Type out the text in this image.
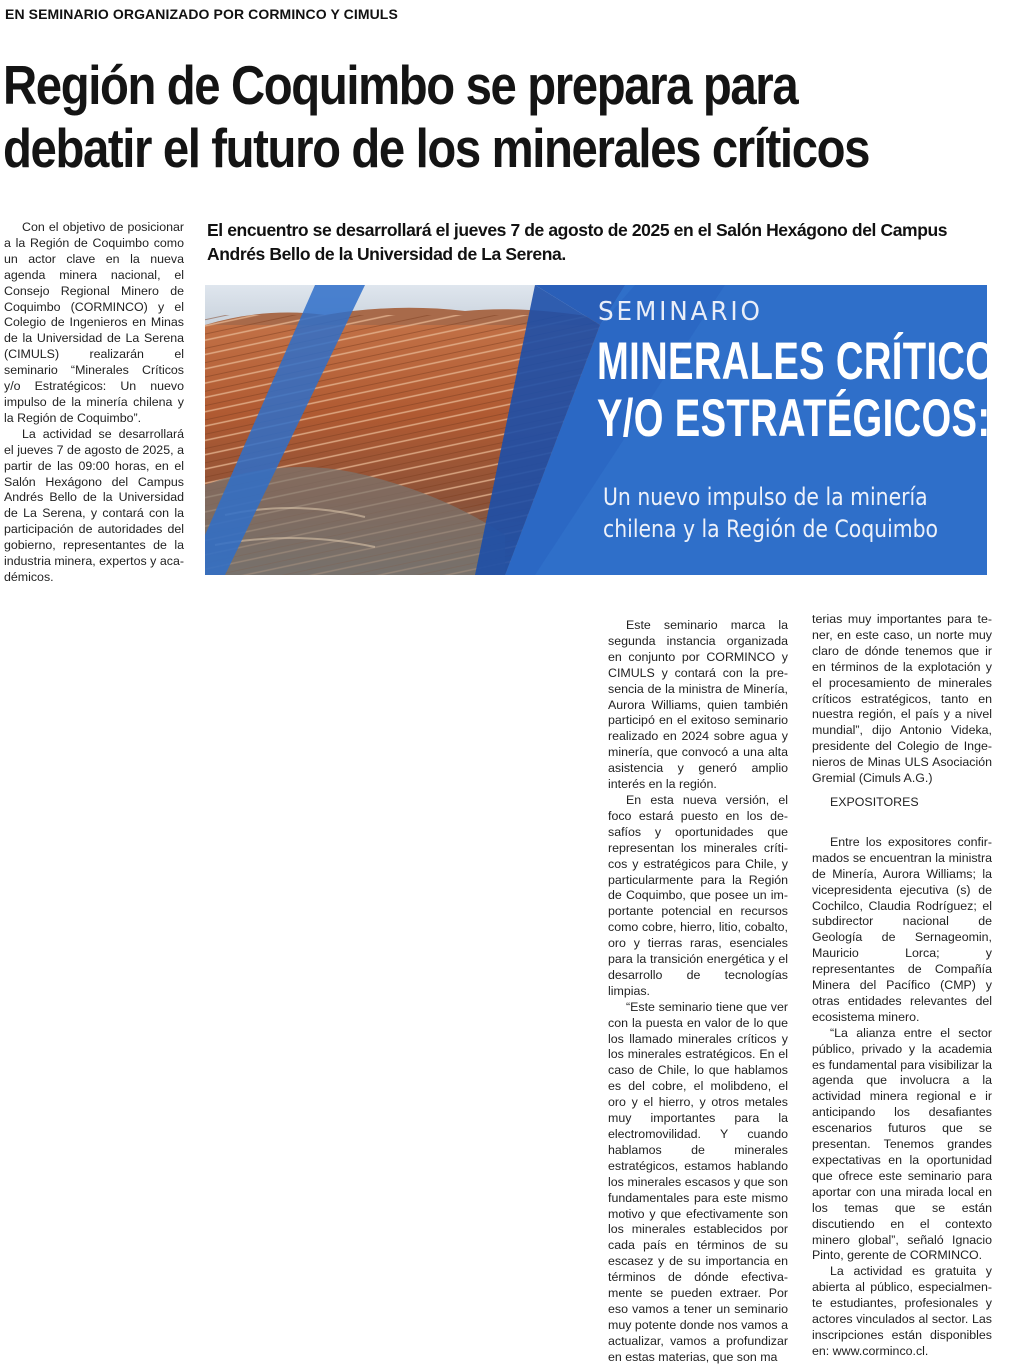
EN SEMINARIO ORGANIZADO POR CORMINCO Y CIMULS
Región de Coquimbo se prepara para
debatir el futuro de los minerales críticos

Con el objetivo de posicionar a la Región de Coquimbo como un actor clave en la nueva agenda minera nacional, el Consejo Regional Minero de Coquimbo (CORMINCO) y el Colegio de Ingenieros en Minas de la Universidad de La Serena (CIMULS) realizarán el seminario “Minerales Críticos y/o Estratégicos: Un nuevo impulso de la minería chilena y la Región de Coquimbo”.

La actividad se desarrollará el jueves 7 de agosto de 2025, a partir de las 09:00 horas, en el Salón Hexágono del Campus Andrés Bello de la Universidad de La Serena, y contará con la participación de autoridades del gobierno, representantes de la industria minera, expertos y académicos.

El encuentro se desarrollará el jueves 7 de agosto de 2025 en el Salón Hexágono del Campus Andrés Bello de la Universidad de La Serena.
SEMINARIO
MINERALES CRÍTICOS
Y/O ESTRATÉGICOS:
Un nuevo impulso de la minería
chilena y la Región de Coquimbo

Este seminario marca la segunda instancia organizada en conjunto por CORMINCO y CIMULS y contará con la presencia de la ministra de Minería, Aurora Williams, quien también participó en el exitoso seminario realizado en 2024 sobre agua y minería, que convocó a una alta asistencia y generó amplio interés en la región.

En esta nueva versión, el foco estará puesto en los desafíos y oportunidades que representan los minerales críticos y estratégicos para Chile, y particularmente para la Región de Coquimbo, que posee un importante potencial en recursos como cobre, hierro, litio, cobalto, oro y tierras raras, esenciales para la transición energética y el desarrollo de tecnologías limpias.

“Este seminario tiene que ver con la puesta en valor de lo que los llamado minerales críticos y los minerales estratégicos. En el caso de Chile, lo que hablamos es del cobre, el molibdeno, el oro y el hierro, y otros metales muy importantes para la electromovilidad. Y cuando hablamos de minerales estratégicos, estamos hablando los minerales escasos y que son fundamentales para este mismo motivo y que efectivamente son los minerales establecidos por cada país en términos de su escasez y de su importancia en términos de dónde efectivamente se pueden extraer. Por eso vamos a tener un seminario muy potente donde nos vamos a actualizar, vamos a profundizar en estas materias, que son ma

terias muy importantes para tener, en este caso, un norte muy claro de dónde tenemos que ir en términos de la explotación y el procesamiento de minerales críticos estratégicos, tanto en nuestra región, el país y a nivel mundial”, dijo Antonio Videka, presidente del Colegio de Ingenieros de Minas ULS Asociación Gremial (Cimuls A.G.)

EXPOSITORES

Entre los expositores confirmados se encuentran la ministra de Minería, Aurora Williams; la vicepresidenta ejecutiva (s) de Cochilco, Claudia Rodríguez; el subdirector nacional de Geología de Sernageomin, Mauricio Lorca; y representantes de Compañía Minera del Pacífico (CMP) y otras entidades relevantes del ecosistema minero.

“La alianza entre el sector público, privado y la academia es fundamental para visibilizar la agenda que involucra a la actividad minera regional e ir anticipando los desafiantes escenarios futuros que se presentan. Tenemos grandes expectativas en la oportunidad que ofrece este seminario para aportar con una mirada local en los temas que se están discutiendo en el contexto minero global”, señaló Ignacio Pinto, gerente de CORMINCO.

La actividad es gratuita y abierta al público, especialmente estudiantes, profesionales y actores vinculados al sector. Las inscripciones están disponibles en: www.corminco.cl.
